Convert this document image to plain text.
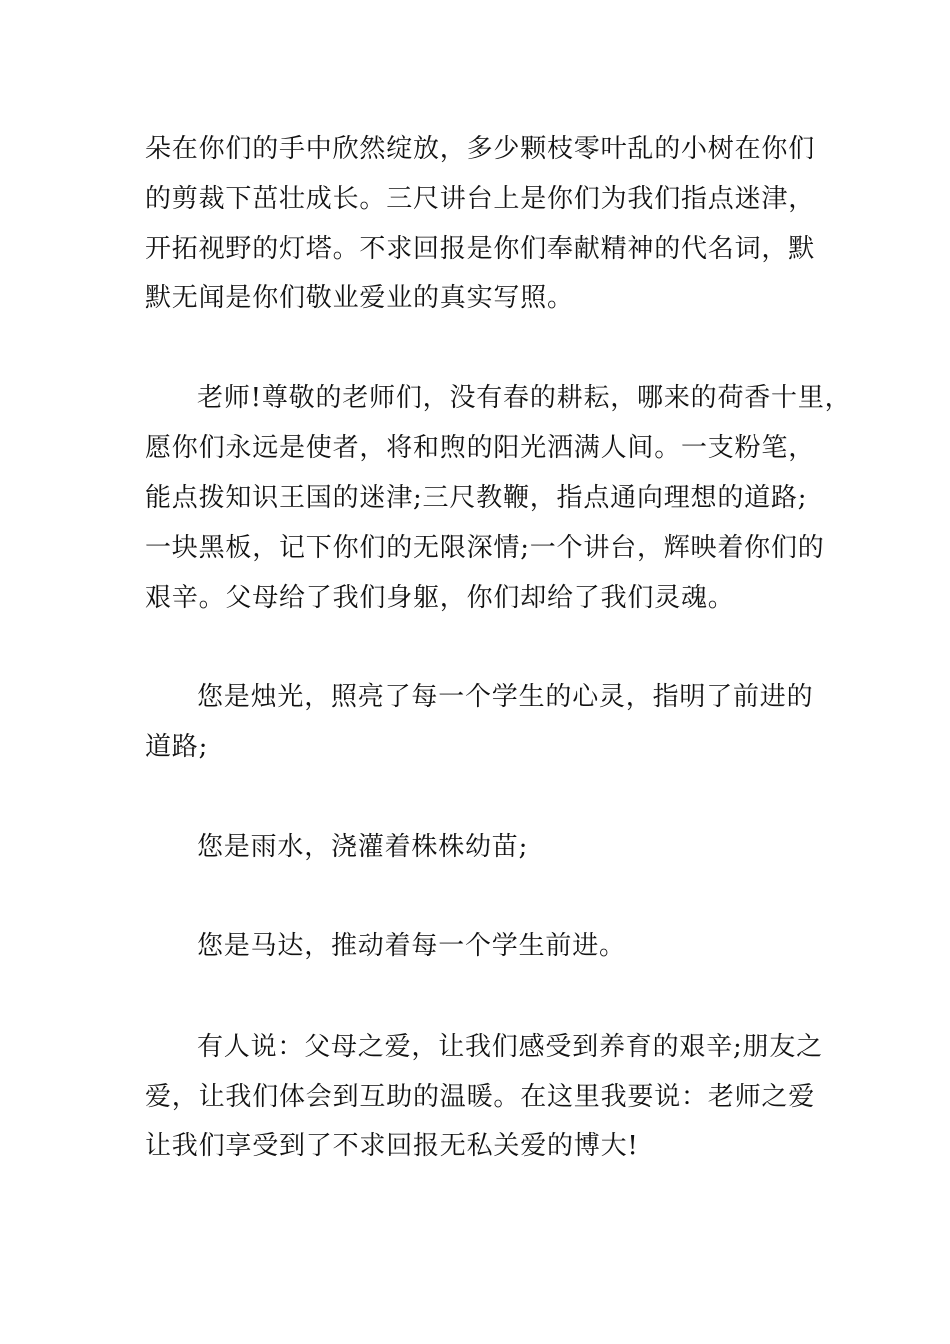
朵在你们的手中欣然绽放，多少颗枝零叶乱的小树在你们
的剪裁下茁壮成长。三尺讲台上是你们为我们指点迷津，
开拓视野的灯塔。不求回报是你们奉献精神的代名词，默
默无闻是你们敬业爱业的真实写照。
老师!尊敬的老师们，没有春的耕耘，哪来的荷香十里，
愿你们永远是使者，将和煦的阳光洒满人间。一支粉笔，
能点拨知识王国的迷津;三尺教鞭，指点通向理想的道路;
一块黑板，记下你们的无限深情;一个讲台，辉映着你们的
艰辛。父母给了我们身躯，你们却给了我们灵魂。
您是烛光，照亮了每一个学生的心灵，指明了前进的
道路;
您是雨水，浇灌着株株幼苗;
您是马达，推动着每一个学生前进。
有人说：父母之爱，让我们感受到养育的艰辛;朋友之
爱，让我们体会到互助的温暖。在这里我要说：老师之爱
让我们享受到了不求回报无私关爱的博大!
